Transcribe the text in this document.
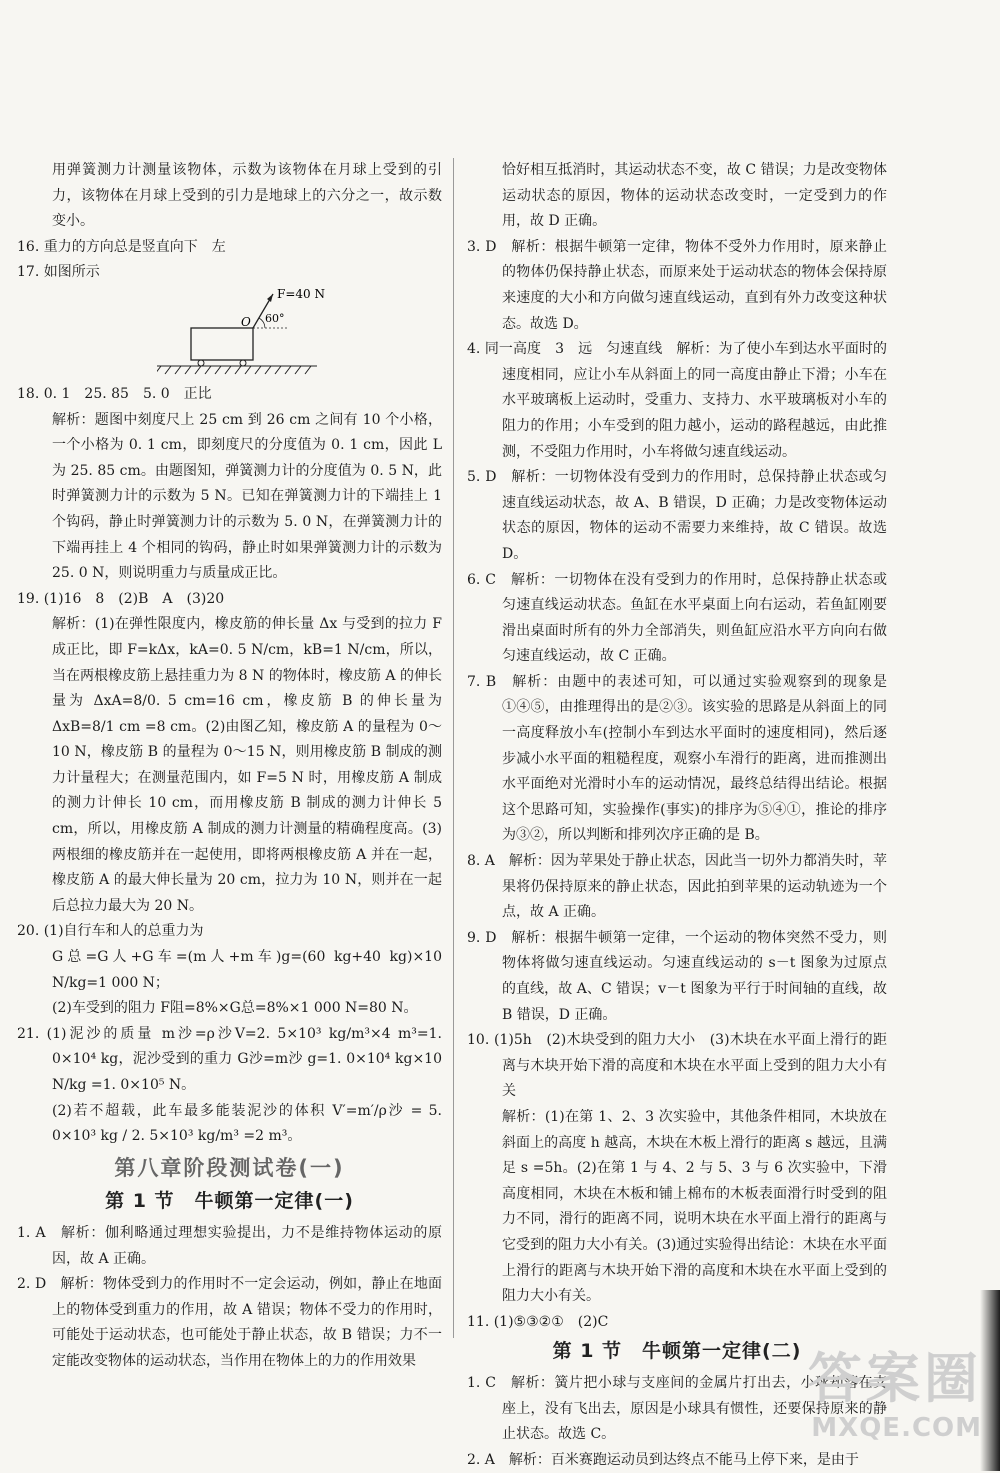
用弹簧测力计测量该物体，示数为该物体在月球上受到的引力，该物体在月球上受到的引力是地球上的六分之一，故示数变小。

16. 重力的方向总是竖直向下　左

17. 如图所示

O 60°
F=40 N

18. 0. 1　25. 85　5. 0　正比

解析：题图中刻度尺上 25 cm 到 26 cm 之间有 10 个小格，一个小格为 0. 1 cm，即刻度尺的分度值为 0. 1 cm，因此 L 为 25. 85 cm。由题图知，弹簧测力计的分度值为 0. 5 N，此时弹簧测力计的示数为 5 N。已知在弹簧测力计的下端挂上 1 个钩码，静止时弹簧测力计的示数为 5. 0 N，在弹簧测力计的下端再挂上 4 个相同的钩码，静止时如果弹簧测力计的示数为 25. 0 N，则说明重力与质量成正比。

19. (1)16　8　(2)B　A　(3)20

解析：(1)在弹性限度内，橡皮筋的伸长量 Δx 与受到的拉力 F 成正比，即 F=kΔx，kA=0. 5 N/cm，kB=1 N/cm，所以，当在两根橡皮筋上悬挂重力为 8 N 的物体时，橡皮筋 A 的伸长量为 ΔxA=8/0. 5 cm=16 cm，橡皮筋 B 的伸长量为 ΔxB=8/1 cm =8 cm。(2)由图乙知，橡皮筋 A 的量程为 0～10 N，橡皮筋 B 的量程为 0～15 N，则用橡皮筋 B 制成的测力计量程大；在测量范围内，如 F=5 N 时，用橡皮筋 A 制成的测力计伸长 10 cm，而用橡皮筋 B 制成的测力计伸长 5 cm，所以，用橡皮筋 A 制成的测力计测量的精确程度高。(3)两根细的橡皮筋并在一起使用，即将两根橡皮筋 A 并在一起，橡皮筋 A 的最大伸长量为 20 cm，拉力为 10 N，则并在一起后总拉力最大为 20 N。

20. (1)自行车和人的总重力为

G总=G人+G车=(m人+m车)g=(60 kg+40 kg)×10 N/kg=1 000 N；

(2)车受到的阻力 F阻=8%×G总=8%×1 000 N=80 N。

21. (1)泥沙的质量 m沙=ρ沙V=2. 5×10³ kg/m³×4 m³=1. 0×10⁴ kg，泥沙受到的重力 G沙=m沙 g=1. 0×10⁴ kg×10 N/kg =1. 0×10⁵ N。

(2)若不超载，此车最多能装泥沙的体积 V′=m′/ρ沙 = 5. 0×10³ kg / 2. 5×10³ kg/m³ =2 m³。

第八章阶段测试卷(一)
第 1 节　牛顿第一定律(一)

1. A　解析：伽利略通过理想实验提出，力不是维持物体运动的原因，故 A 正确。

2. D　解析：物体受到力的作用时不一定会运动，例如，静止在地面上的物体受到重力的作用，故 A 错误；物体不受力的作用时，可能处于运动状态，也可能处于静止状态，故 B 错误；力不一定能改变物体的运动状态，当作用在物体上的力的作用效果

恰好相互抵消时，其运动状态不变，故 C 错误；力是改变物体运动状态的原因，物体的运动状态改变时，一定受到力的作用，故 D 正确。

3. D　解析：根据牛顿第一定律，物体不受外力作用时，原来静止的物体仍保持静止状态，而原来处于运动状态的物体会保持原来速度的大小和方向做匀速直线运动，直到有外力改变这种状态。故选 D。

4. 同一高度　3　远　匀速直线　解析：为了使小车到达水平面时的速度相同，应让小车从斜面上的同一高度由静止下滑；小车在水平玻璃板上运动时，受重力、支持力、水平玻璃板对小车的阻力的作用；小车受到的阻力越小，运动的路程越远，由此推测，不受阻力作用时，小车将做匀速直线运动。

5. D　解析：一切物体没有受到力的作用时，总保持静止状态或匀速直线运动状态，故 A、B 错误，D 正确；力是改变物体运动状态的原因，物体的运动不需要力来维持，故 C 错误。故选 D。

6. C　解析：一切物体在没有受到力的作用时，总保持静止状态或匀速直线运动状态。鱼缸在水平桌面上向右运动，若鱼缸刚要滑出桌面时所有的外力全部消失，则鱼缸应沿水平方向向右做匀速直线运动，故 C 正确。

7. B　解析：由题中的表述可知，可以通过实验观察到的现象是①④⑤，由推理得出的是②③。该实验的思路是从斜面上的同一高度释放小车(控制小车到达水平面时的速度相同)，然后逐步减小水平面的粗糙程度，观察小车滑行的距离，进而推测出水平面绝对光滑时小车的运动情况，最终总结得出结论。根据这个思路可知，实验操作(事实)的排序为⑤④①，推论的排序为③②，所以判断和排列次序正确的是 B。

8. A　解析：因为苹果处于静止状态，因此当一切外力都消失时，苹果将仍保持原来的静止状态，因此拍到苹果的运动轨迹为一个点，故 A 正确。

9. D　解析：根据牛顿第一定律，一个运动的物体突然不受力，则物体将做匀速直线运动。匀速直线运动的 s－t 图象为过原点的直线，故 A、C 错误；v－t 图象为平行于时间轴的直线，故 B 错误，D 正确。

10. (1)5h　(2)木块受到的阻力大小　(3)木块在水平面上滑行的距离与木块开始下滑的高度和木块在水平面上受到的阻力大小有关

解析：(1)在第 1、2、3 次实验中，其他条件相同，木块放在斜面上的高度 h 越高，木块在木板上滑行的距离 s 越远，且满足 s =5h。(2)在第 1 与 4、2 与 5、3 与 6 次实验中，下滑高度相同，木块在木板和铺上棉布的木板表面滑行时受到的阻力不同，滑行的距离不同，说明木块在水平面上滑行的距离与它受到的阻力大小有关。(3)通过实验得出结论：木块在水平面上滑行的距离与木块开始下滑的高度和木块在水平面上受到的阻力大小有关。

11. (1)⑤③②①　(2)C

第 1 节　牛顿第一定律(二)

1. C　解析：簧片把小球与支座间的金属片打出去，小球却落在支座上，没有飞出去，原因是小球具有惯性，还要保持原来的静止状态。故选 C。

2. A　解析：百米赛跑运动员到达终点不能马上停下来，是由于

答案圈
MXQE.COM
